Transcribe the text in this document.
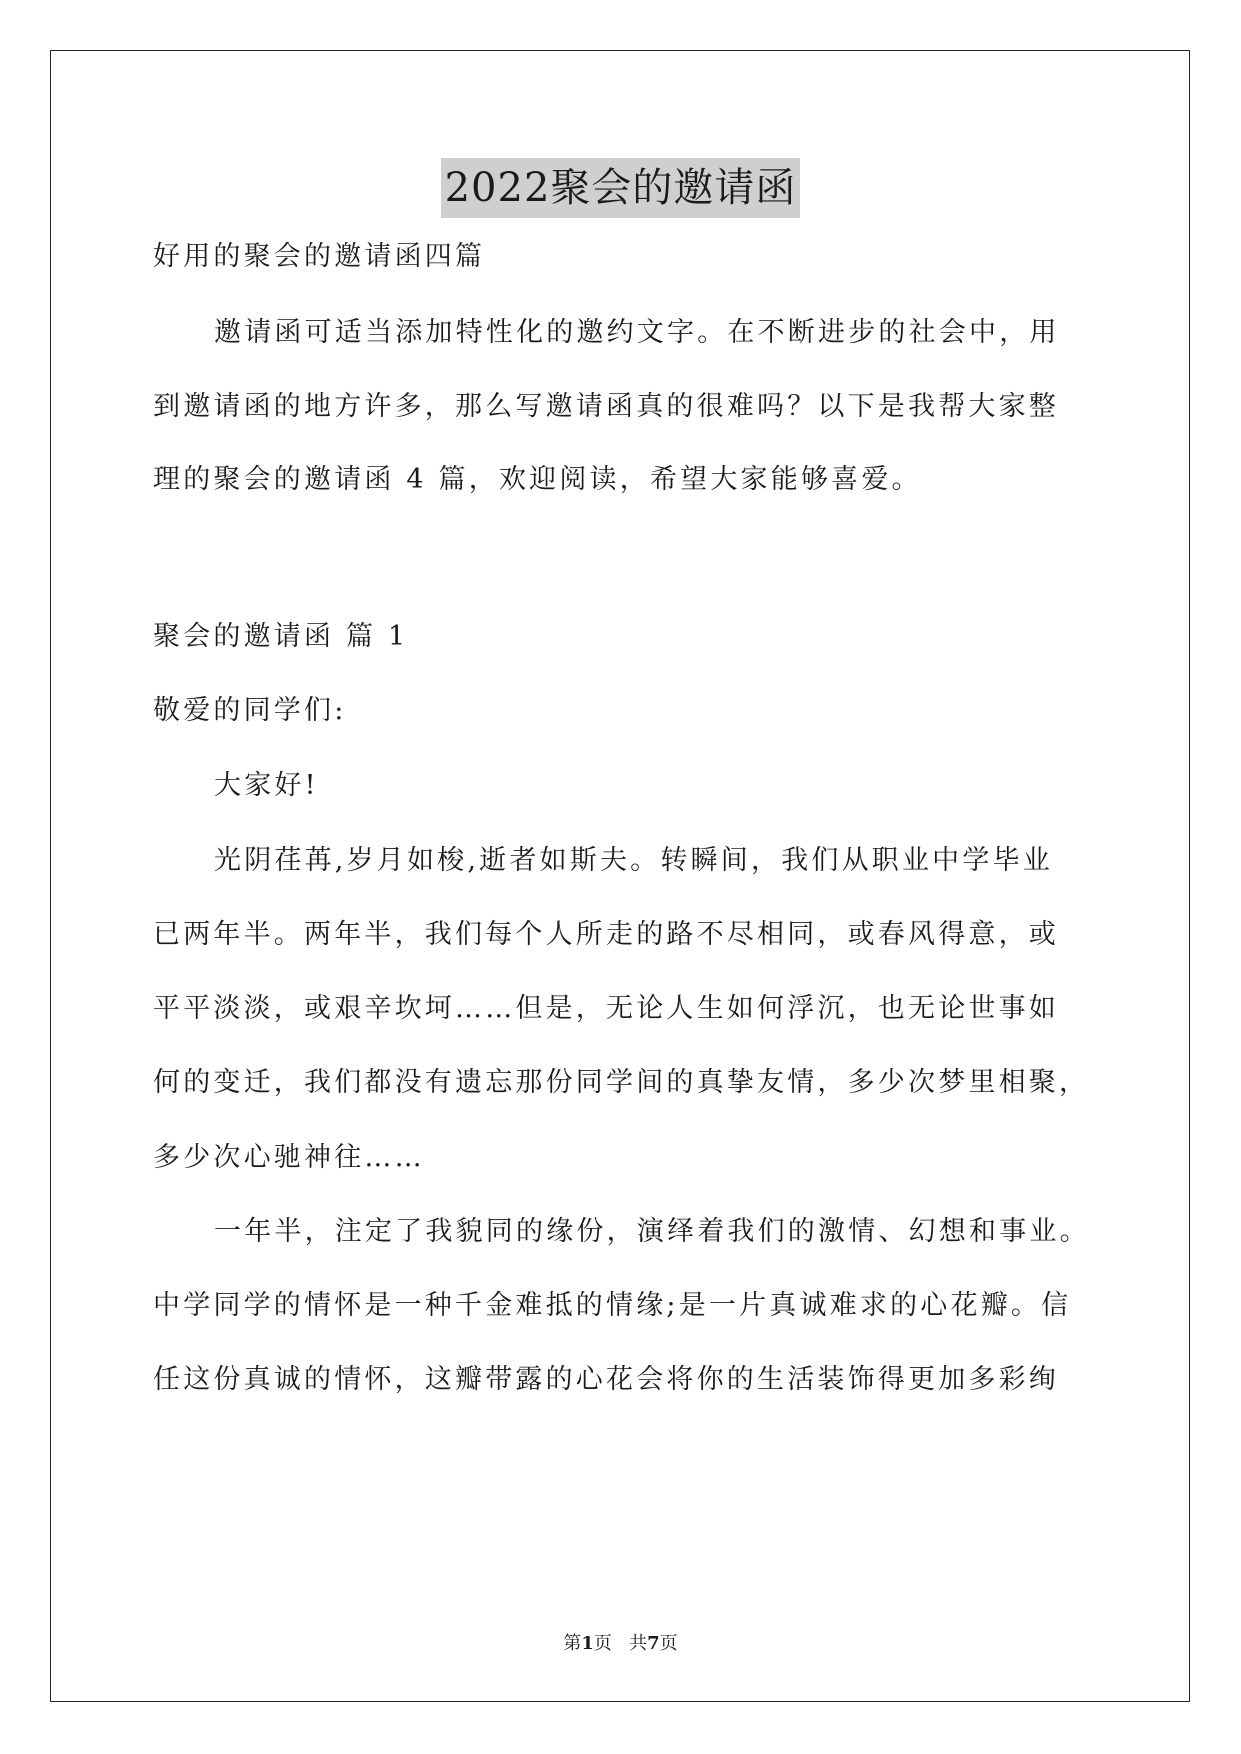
2022聚会的邀请函
好用的聚会的邀请函四篇
邀请函可适当添加特性化的邀约文字。在不断进步的社会中，用
到邀请函的地方许多，那么写邀请函真的很难吗？以下是我帮大家整
理的聚会的邀请函 4 篇，欢迎阅读，希望大家能够喜爱。
聚会的邀请函 篇 1
敬爱的同学们:
大家好!
光阴荏苒,岁月如梭,逝者如斯夫。转瞬间，我们从职业中学毕业
已两年半。两年半，我们每个人所走的路不尽相同，或春风得意，或
平平淡淡，或艰辛坎坷……但是，无论人生如何浮沉，也无论世事如
何的变迁，我们都没有遗忘那份同学间的真挚友情，多少次梦里相聚，
多少次心驰神往……
一年半，注定了我貌同的缘份，演绎着我们的激情、幻想和事业。
中学同学的情怀是一种千金难抵的情缘;是一片真诚难求的心花瓣。信
任这份真诚的情怀，这瓣带露的心花会将你的生活装饰得更加多彩绚
第1页   共7页
